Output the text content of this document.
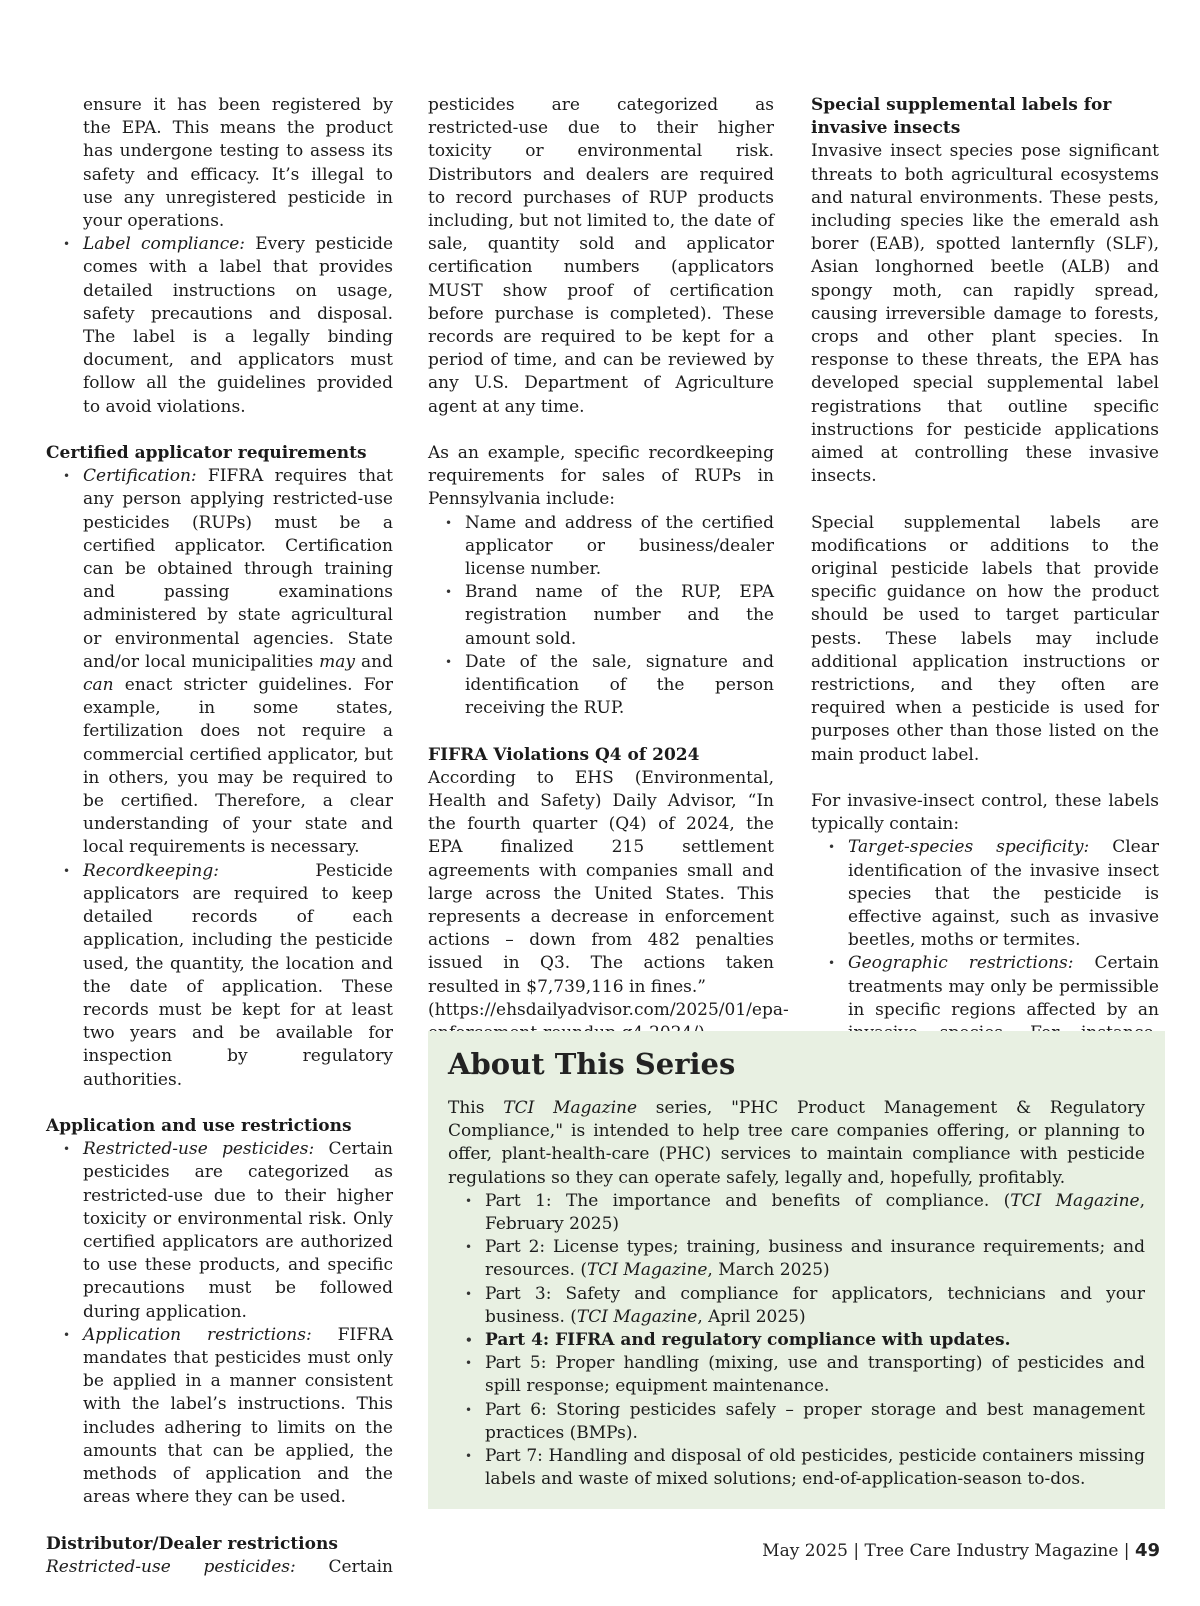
ensure it has been registered by the EPA. This means the product has undergone testing to assess its safety and efficacy. It’s illegal to use any unregistered pesticide in your operations.
• Label compliance: Every pesticide comes with a label that provides detailed instructions on usage, safety precautions and disposal. The label is a legally binding document, and applicators must follow all the guidelines provided to avoid violations.
Certified applicator requirements
• Certification: FIFRA requires that any person applying restricted-use pesticides (RUPs) must be a certified applicator. Certification can be obtained through training and passing examinations administered by state agricultural or environmental agencies. State and/or local municipalities may and can enact stricter guidelines. For example, in some states, fertilization does not require a commercial certified applicator, but in others, you may be required to be certified. Therefore, a clear understanding of your state and local requirements is necessary.
• Recordkeeping: Pesticide applicators are required to keep detailed records of each application, including the pesticide used, the quantity, the location and the date of application. These records must be kept for at least two years and be available for inspection by regulatory authorities.
Application and use restrictions
• Restricted-use pesticides: Certain pesticides are categorized as restricted-use due to their higher toxicity or environmental risk. Only certified applicators are authorized to use these products, and specific precautions must be followed during application.
• Application restrictions: FIFRA mandates that pesticides must only be applied in a manner consistent with the label’s instructions. This includes adhering to limits on the amounts that can be applied, the methods of application and the areas where they can be used.
Distributor/Dealer restrictions

Restricted-use pesticides: Certain

pesticides are categorized as restricted-use due to their higher toxicity or environmental risk. Distributors and dealers are required to record purchases of RUP products including, but not limited to, the date of sale, quantity sold and applicator certification numbers (applicators MUST show proof of certification before purchase is completed). These records are required to be kept for a period of time, and can be reviewed by any U.S. Department of Agriculture agent at any time.

As an example, specific recordkeeping requirements for sales of RUPs in Pennsylvania include:

• Name and address of the certified applicator or business/dealer license number.
• Brand name of the RUP, EPA registration number and the amount sold.
• Date of the sale, signature and identification of the person receiving the RUP.
FIFRA Violations Q4 of 2024

According to EHS (Environmental, Health and Safety) Daily Advisor, “In the fourth quarter (Q4) of 2024, the EPA finalized 215 settlement agreements with companies small and large across the United States. This represents a decrease in enforcement actions – down from 482 penalties issued in Q3. The actions taken resulted in $7,739,116 in fines.”

(https://ehsdailyadvisor.com/2025/01/epa-

Special supplemental labels for invasive insects

Invasive insect species pose significant threats to both agricultural ecosystems and natural environments. These pests, including species like the emerald ash borer (EAB), spotted lanternfly (SLF), Asian longhorned beetle (ALB) and spongy moth, can rapidly spread, causing irreversible damage to forests, crops and other plant species. In response to these threats, the EPA has developed special supplemental label registrations that outline specific instructions for pesticide applications aimed at controlling these invasive insects.

Special supplemental labels are modifications or additions to the original pesticide labels that provide specific guidance on how the product should be used to target particular pests. These labels may include additional application instructions or restrictions, and they often are required when a pesticide is used for purposes other than those listed on the main product label.

For invasive-insect control, these labels typically contain:

• Target-species specificity: Clear identification of the invasive insect species that the pesticide is effective against, such as invasive beetles, moths or termites.
• Geographic restrictions: Certain treatments may only be permissible in specific regions affected by an
About This Series

This TCI Magazine series, "PHC Product Management & Regulatory Compliance," is intended to help tree care companies offering, or planning to offer, plant-health-care (PHC) services to maintain compliance with pesticide regulations so they can operate safely, legally and, hopefully, profitably.

• Part 1: The importance and benefits of compliance. (TCI Magazine, February 2025)
• Part 2: License types; training, business and insurance requirements; and resources. (TCI Magazine, March 2025)
• Part 3: Safety and compliance for applicators, technicians and your business. (TCI Magazine, April 2025)
• Part 4: FIFRA and regulatory compliance with updates.
• Part 5: Proper handling (mixing, use and transporting) of pesticides and spill response; equipment maintenance.
• Part 6: Storing pesticides safely – proper storage and best management practices (BMPs).
• Part 7: Handling and disposal of old pesticides, pesticide containers missing labels and waste of mixed solutions; end-of-application-season to-dos.
May 2025 | Tree Care Industry Magazine | 49
